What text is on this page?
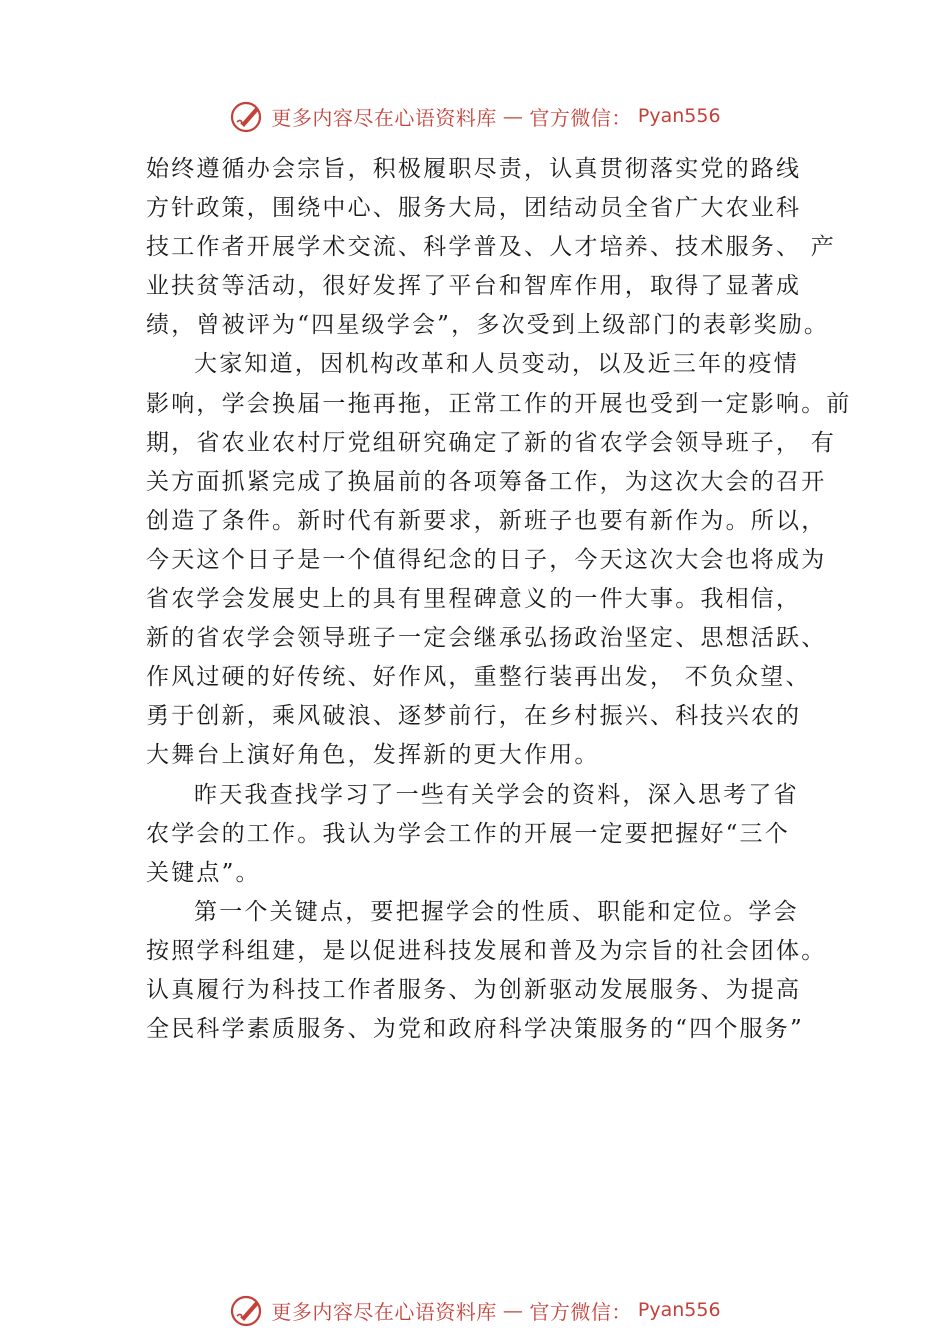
更多内容尽在心语资料库 — 官方微信： Pyan556
始终遵循办会宗旨，积极履职尽责，认真贯彻落实党的路线
方针政策，围绕中心、服务大局，团结动员全省广大农业科
技工作者开展学术交流、科学普及、人才培养、技术服务、 产
业扶贫等活动，很好发挥了平台和智库作用，取得了显著成
绩，曾被评为“四星级学会”，多次受到上级部门的表彰奖励。
大家知道，因机构改革和人员变动，以及近三年的疫情
影响，学会换届一拖再拖，正常工作的开展也受到一定影响。前
期，省农业农村厅党组研究确定了新的省农学会领导班子， 有
关方面抓紧完成了换届前的各项筹备工作，为这次大会的召开
创造了条件。新时代有新要求，新班子也要有新作为。所以，
今天这个日子是一个值得纪念的日子，今天这次大会也将成为
省农学会发展史上的具有里程碑意义的一件大事。我相信，
新的省农学会领导班子一定会继承弘扬政治坚定、思想活跃、
作风过硬的好传统、好作风，重整行装再出发， 不负众望、
勇于创新，乘风破浪、逐梦前行，在乡村振兴、科技兴农的
大舞台上演好角色，发挥新的更大作用。
昨天我查找学习了一些有关学会的资料，深入思考了省
农学会的工作。我认为学会工作的开展一定要把握好“三个
关键点”。
第一个关键点，要把握学会的性质、职能和定位。学会
按照学科组建，是以促进科技发展和普及为宗旨的社会团体。
认真履行为科技工作者服务、为创新驱动发展服务、为提高
全民科学素质服务、为党和政府科学决策服务的“四个服务”
更多内容尽在心语资料库 — 官方微信： Pyan556
